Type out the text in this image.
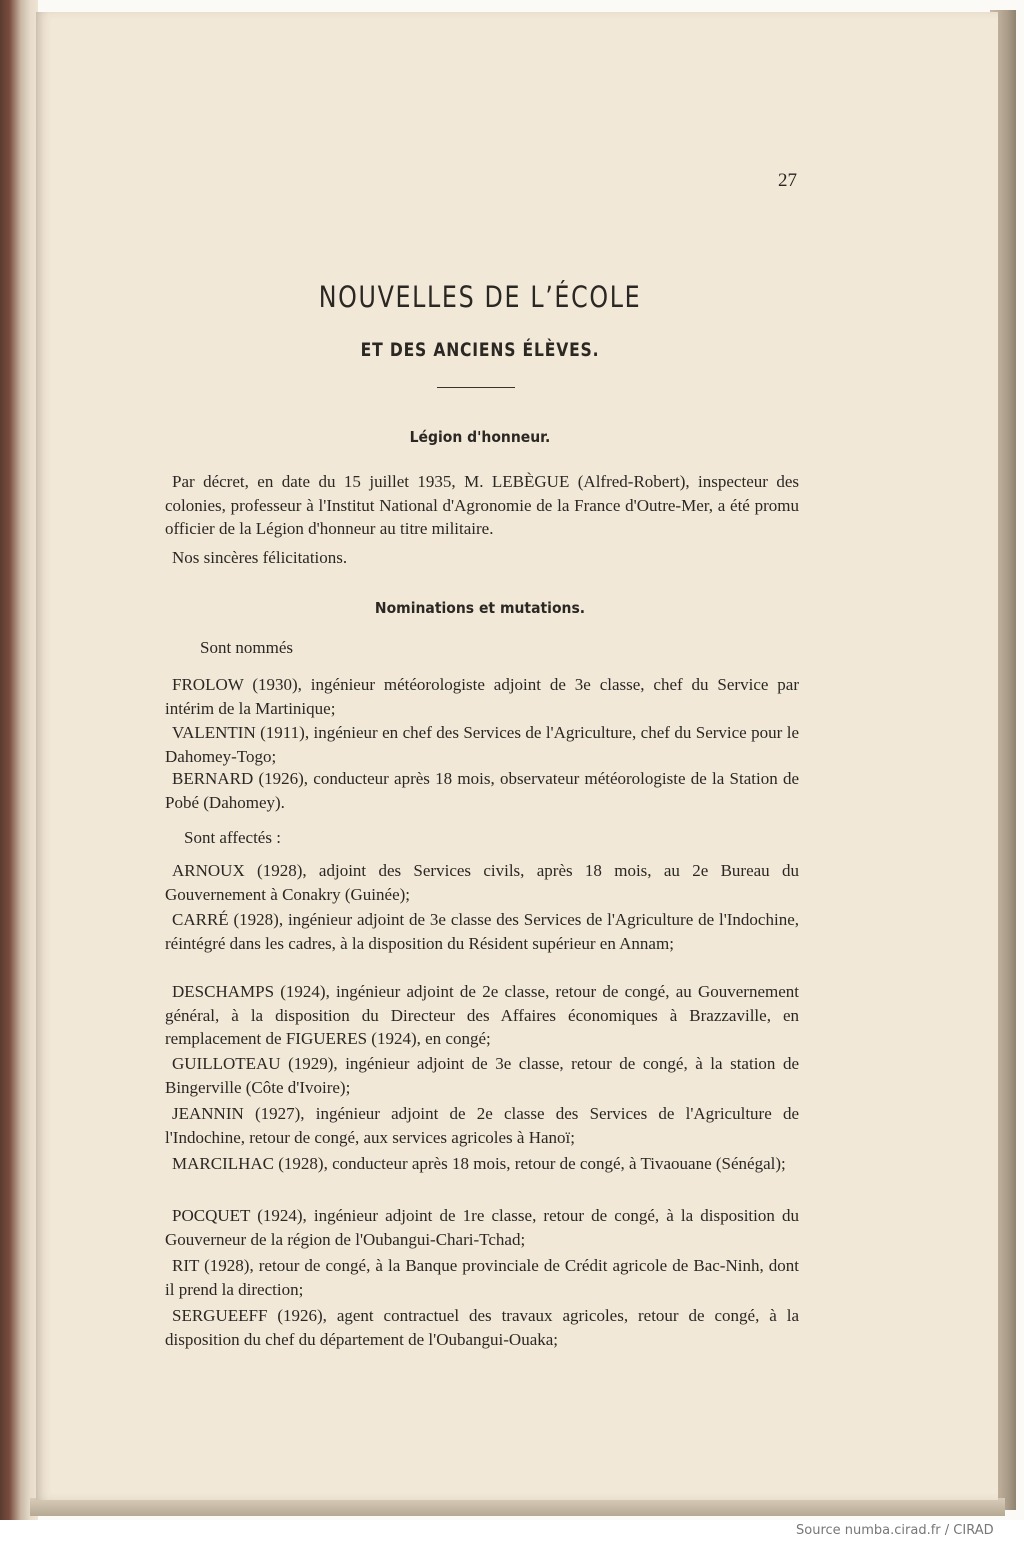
27
NOUVELLES DE L’ÉCOLE
ET DES ANCIENS ÉLÈVES.
Légion d'honneur.
Par décret, en date du 15 juillet 1935, M. LEBÈGUE (Alfred-Robert), inspecteur des colonies, professeur à l'Institut National d'Agronomie de la France d'Outre-Mer, a été promu officier de la Légion d'honneur au titre militaire.
Nos sincères félicitations.
Nominations et mutations.
Sont nommés
FROLOW (1930), ingénieur météorologiste adjoint de 3e classe, chef du Service par intérim de la Martinique;
VALENTIN (1911), ingénieur en chef des Services de l'Agriculture, chef du Service pour le Dahomey-Togo;
BERNARD (1926), conducteur après 18 mois, observateur météorologiste de la Station de Pobé (Dahomey).
Sont affectés :
ARNOUX (1928), adjoint des Services civils, après 18 mois, au 2e Bureau du Gouvernement à Conakry (Guinée);
CARRÉ (1928), ingénieur adjoint de 3e classe des Services de l'Agriculture de l'Indochine, réintégré dans les cadres, à la disposition du Résident supérieur en Annam;
DESCHAMPS (1924), ingénieur adjoint de 2e classe, retour de congé, au Gouvernement général, à la disposition du Directeur des Affaires économiques à Brazzaville, en remplacement de FIGUERES (1924), en congé;
GUILLOTEAU (1929), ingénieur adjoint de 3e classe, retour de congé, à la station de Bingerville (Côte d'Ivoire);
JEANNIN (1927), ingénieur adjoint de 2e classe des Services de l'Agriculture de l'Indochine, retour de congé, aux services agricoles à Hanoï;
MARCILHAC (1928), conducteur après 18 mois, retour de congé, à Tivaouane (Sénégal);
POCQUET (1924), ingénieur adjoint de 1re classe, retour de congé, à la disposition du Gouverneur de la région de l'Oubangui-Chari-Tchad;
RIT (1928), retour de congé, à la Banque provinciale de Crédit agricole de Bac-Ninh, dont il prend la direction;
SERGUEEFF (1926), agent contractuel des travaux agricoles, retour de congé, à la disposition du chef du département de l'Oubangui-Ouaka;
Source numba.cirad.fr / CIRAD
